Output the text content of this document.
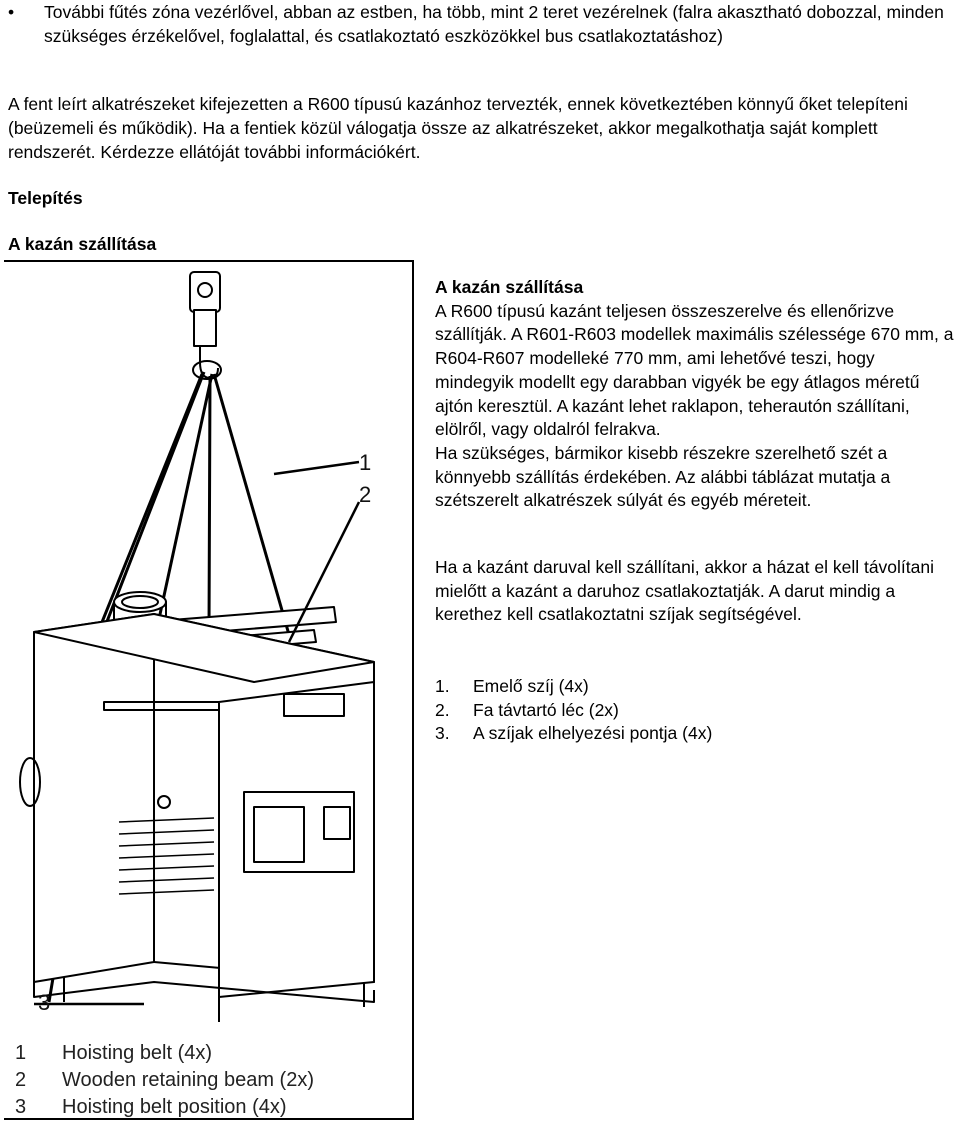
• További fűtés zóna vezérlővel, abban az estben, ha több, mint 2 teret vezérelnek (falra akasztható dobozzal, minden szükséges érzékelővel, foglalattal, és csatlakoztató eszközökkel bus csatlakoztatáshoz)

A fent leírt alkatrészeket kifejezetten a R600 típusú kazánhoz tervezték, ennek következtében könnyű őket telepíteni (beüzemeli és működik). Ha a fentiek közül válogatja össze az alkatrészeket, akkor megalkothatja saját komplett rendszerét. Kérdezze ellátóját további információkért.

Telepítés

A kazán szállítása

1
2
3
1 Hoisting belt (4x)
2 Wooden retaining beam (2x)
3 Hoisting belt position (4x)

A kazán szállítása

A R600 típusú kazánt teljesen összeszerelve és ellenőrizve szállítják. A R601-R603 modellek maximális szélessége 670 mm, a R604-R607 modelleké 770 mm, ami lehetővé teszi, hogy mindegyik modellt egy darabban vigyék be egy átlagos méretű ajtón keresztül. A kazánt lehet raklapon, teherautón szállítani, elölről, vagy oldalról felrakva.

Ha szükséges, bármikor kisebb részekre szerelhető szét a könnyebb szállítás érdekében. Az alábbi táblázat mutatja a szétszerelt alkatrészek súlyát és egyéb méreteit.

Ha a kazánt daruval kell szállítani, akkor a házat el kell távolítani mielőtt a kazánt a daruhoz csatlakoztatják. A darut mindig a kerethez kell csatlakoztatni szíjak segítségével.

1. Emelő szíj (4x)
2. Fa távtartó léc (2x)
3. A szíjak elhelyezési pontja (4x)
